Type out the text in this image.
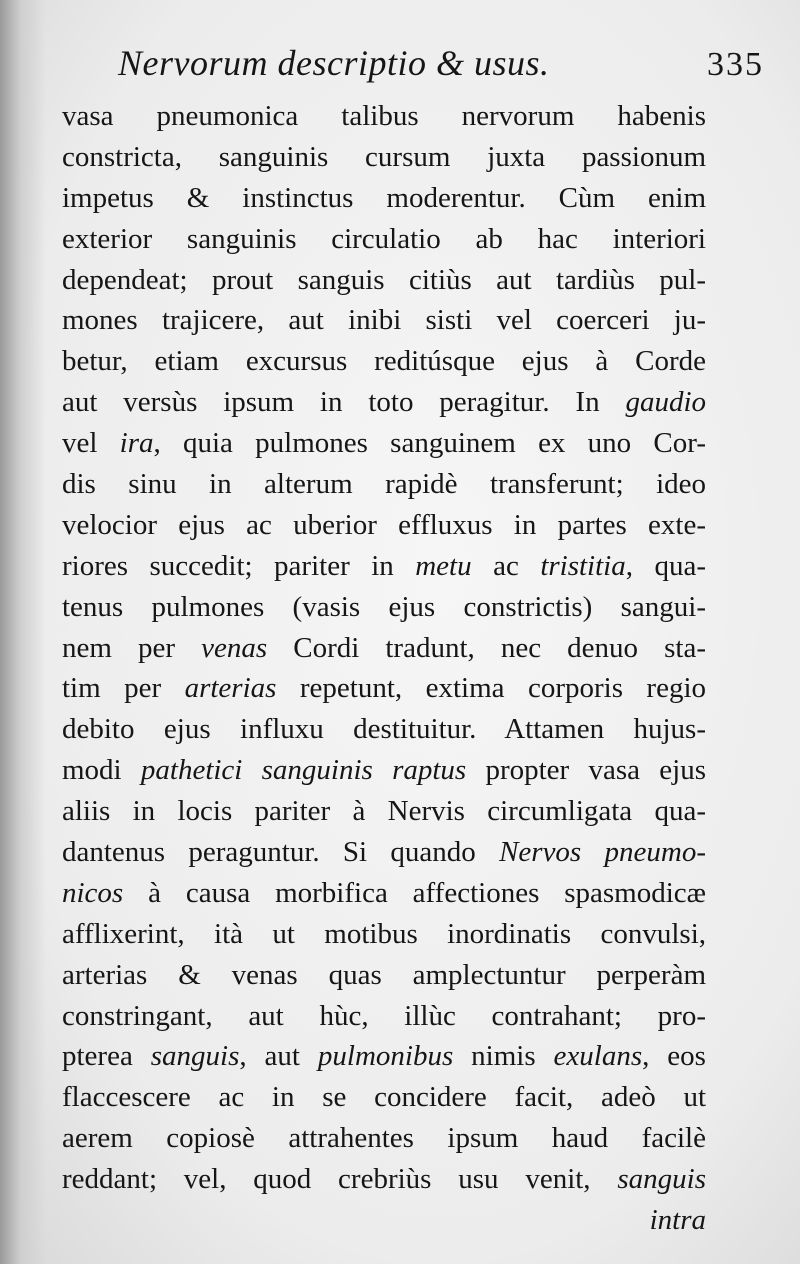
Nervorum descriptio & usus.	335
vasa pneumonica talibus nervorum habenis
constricta, sanguinis cursum juxta passionum
impetus & instinctus moderentur. Cùm enim
exterior sanguinis circulatio ab hac interiori
dependeat; prout sanguis citiùs aut tardiùs pul-
mones trajicere, aut inibi sisti vel coerceri ju-
betur, etiam excursus reditúsque ejus à Corde
aut versùs ipsum in toto peragitur. In gaudio
vel ira, quia pulmones sanguinem ex uno Cor-
dis sinu in alterum rapidè transferunt; ideo
velocior ejus ac uberior effluxus in partes exte-
riores succedit; pariter in metu ac tristitia, qua-
tenus pulmones (vasis ejus constrictis) sangui-
nem per venas Cordi tradunt, nec denuo sta-
tim per arterias repetunt, extima corporis regio
debito ejus influxu destituitur. Attamen hujus-
modi pathetici sanguinis raptus propter vasa ejus
aliis in locis pariter à Nervis circumligata qua-
dantenus peraguntur. Si quando Nervos pneumo-
nicos à causa morbifica affectiones spasmodicæ
afflixerint, ità ut motibus inordinatis convulsi,
arterias & venas quas amplectuntur perperàm
constringant, aut hùc, illùc contrahant; pro-
pterea sanguis, aut pulmonibus nimis exulans, eos
flaccescere ac in se concidere facit, adeò ut
aerem copiosè attrahentes ipsum haud facilè
reddant; vel, quod crebriùs usu venit, sanguis
intra
